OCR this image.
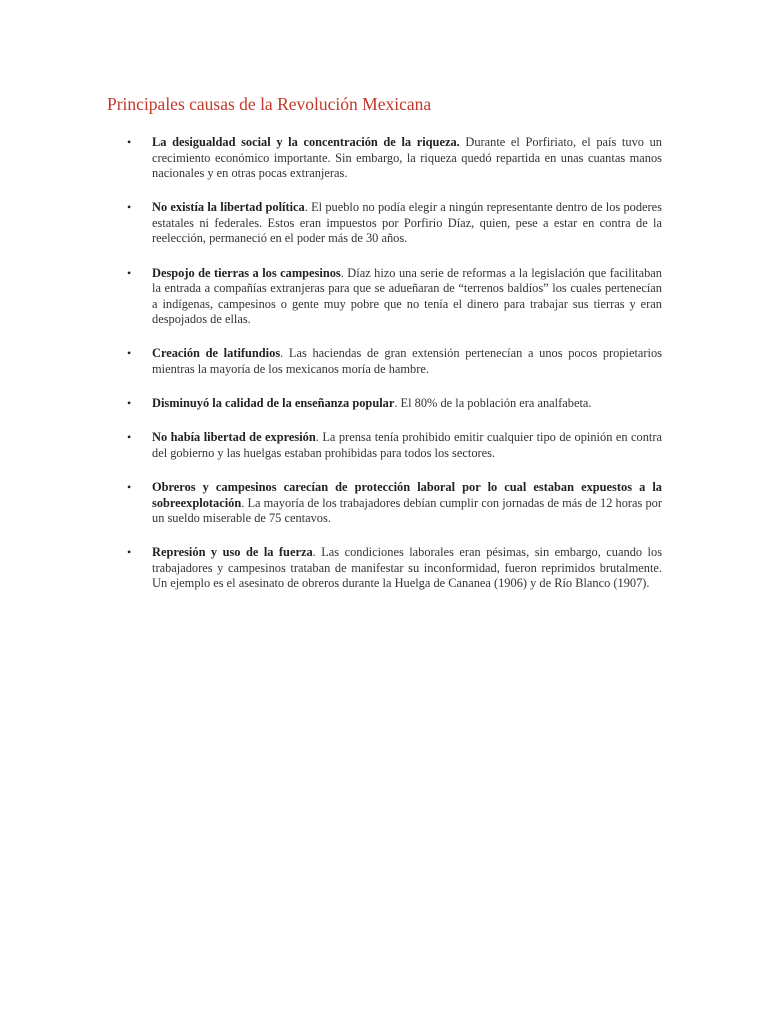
Principales causas de la Revolución Mexicana
• La desigualdad social y la concentración de la riqueza. Durante el Porfiriato, el país tuvo un crecimiento económico importante. Sin embargo, la riqueza quedó repartida en unas cuantas manos nacionales y en otras pocas extranjeras.
• No existía la libertad política. El pueblo no podía elegir a ningún representante dentro de los poderes estatales ni federales. Estos eran impuestos por Porfirio Díaz, quien, pese a estar en contra de la reelección, permaneció en el poder más de 30 años.
• Despojo de tierras a los campesinos. Díaz hizo una serie de reformas a la legislación que facilitaban la entrada a compañías extranjeras para que se adueñaran de “terrenos baldíos” los cuales pertenecían a indígenas, campesinos o gente muy pobre que no tenía el dinero para trabajar sus tierras y eran despojados de ellas.
• Creación de latifundios. Las haciendas de gran extensión pertenecían a unos pocos propietarios mientras la mayoría de los mexicanos moría de hambre.
• Disminuyó la calidad de la enseñanza popular. El 80% de la población era analfabeta.
• No había libertad de expresión. La prensa tenía prohibido emitir cualquier tipo de opinión en contra del gobierno y las huelgas estaban prohibidas para todos los sectores.
• Obreros y campesinos carecían de protección laboral por lo cual estaban expuestos a la sobreexplotación. La mayoría de los trabajadores debían cumplir con jornadas de más de 12 horas por un sueldo miserable de 75 centavos.
• Represión y uso de la fuerza. Las condiciones laborales eran pésimas, sin embargo, cuando los trabajadores y campesinos trataban de manifestar su inconformidad, fueron reprimidos brutalmente. Un ejemplo es el asesinato de obreros durante la Huelga de Cananea (1906) y de Río Blanco (1907).
